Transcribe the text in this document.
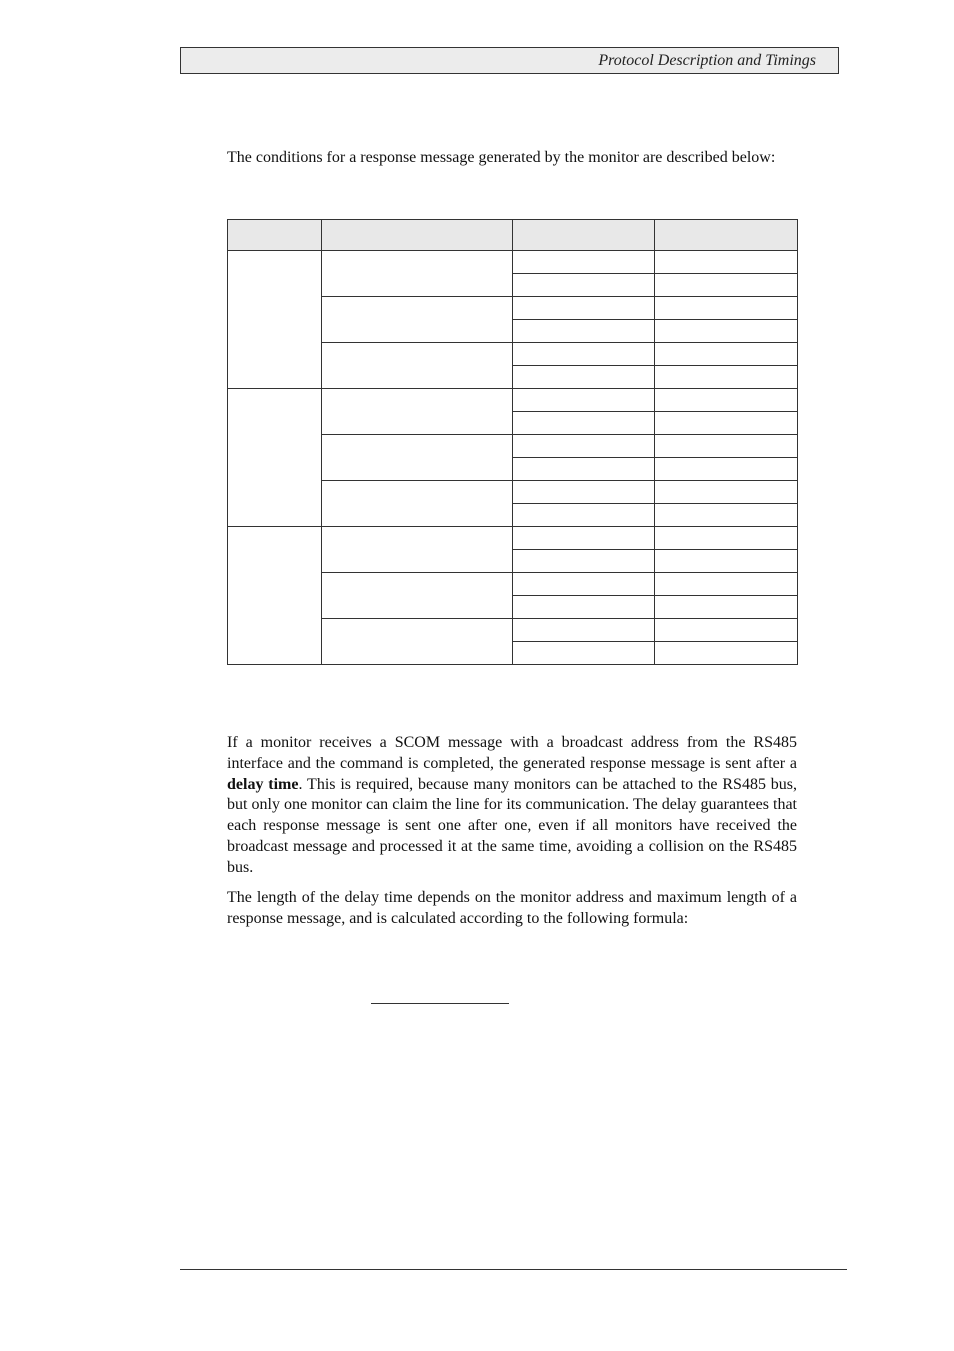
Protocol Description and Timings
The conditions for a response message generated by the monitor are described below:

If a monitor receives a SCOM message with a broadcast address from the RS485 interface and the command is completed, the generated response message is sent after a delay time. This is required, because many monitors can be attached to the RS485 bus, but only one monitor can claim the line for its communication. The delay guarantees that each response message is sent one after one, even if all monitors have received the broadcast message and processed it at the same time, avoiding a collision on the RS485 bus.

The length of the delay time depends on the monitor address and maximum length of a response message, and is calculated according to the following formula:
